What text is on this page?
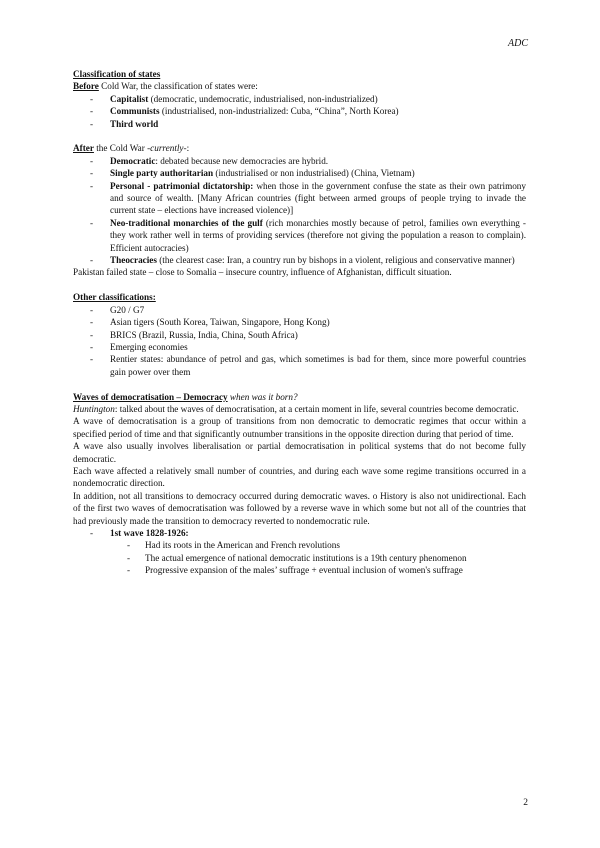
ADC

Classification of states

Before Cold War, the classification of states were:

- Capitalist (democratic, undemocratic, industrialised, non-industrialized)
- Communists (industrialised, non-industrialized: Cuba, “China”, North Korea)
- Third world

After the Cold War -currently-:

- Democratic: debated because new democracies are hybrid.
- Single party authoritarian (industrialised or non industrialised) (China, Vietnam)
- Personal - patrimonial dictatorship: when those in the government confuse the state as their own patrimony and source of wealth. [Many African countries (fight between armed groups of people trying to invade the current state – elections have increased violence)]
- Neo-traditional monarchies of the gulf (rich monarchies mostly because of petrol, families own everything - they work rather well in terms of providing services (therefore not giving the population a reason to complain). Efficient autocracies)
- Theocracies (the clearest case: Iran, a country run by bishops in a violent, religious and conservative manner)

Pakistan failed state – close to Somalia – insecure country, influence of Afghanistan, difficult situation.

Other classifications:

- G20 / G7
- Asian tigers (South Korea, Taiwan, Singapore, Hong Kong)
- BRICS (Brazil, Russia, India, China, South Africa)
- Emerging economies
- Rentier states: abundance of petrol and gas, which sometimes is bad for them, since more powerful countries gain power over them

Waves of democratisation – Democracy when was it born?

Huntington: talked about the waves of democratisation, at a certain moment in life, several countries become democratic.

A wave of democratisation is a group of transitions from non democratic to democratic regimes that occur within a specified period of time and that significantly outnumber transitions in the opposite direction during that period of time.

A wave also usually involves liberalisation or partial democratisation in political systems that do not become fully democratic.

Each wave affected a relatively small number of countries, and during each wave some regime transitions occurred in a nondemocratic direction.

In addition, not all transitions to democracy occurred during democratic waves. o History is also not unidirectional. Each of the first two waves of democratisation was followed by a reverse wave in which some but not all of the countries that had previously made the transition to democracy reverted to nondemocratic rule.

- 1st wave 1828-1926:
- Had its roots in the American and French revolutions
- The actual emergence of national democratic institutions is a 19th century phenomenon
- Progressive expansion of the males’ suffrage + eventual inclusion of women's suffrage
2
